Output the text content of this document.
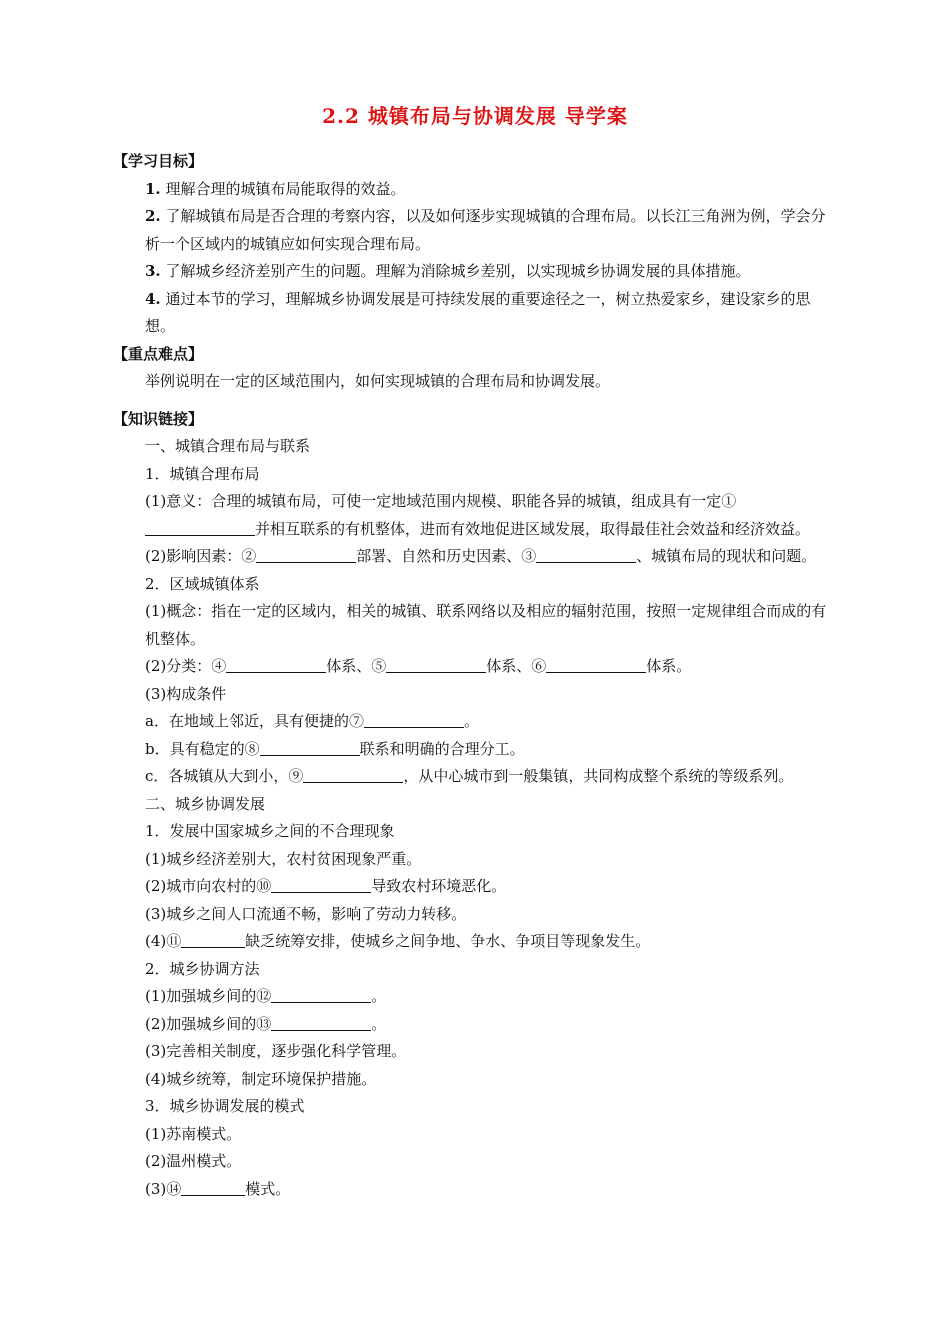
2.2 城镇布局与协调发展 导学案
【学习目标】
1. 理解合理的城镇布局能取得的效益。
2. 了解城镇布局是否合理的考察内容，以及如何逐步实现城镇的合理布局。以长江三角洲为例，学会分析一个区域内的城镇应如何实现合理布局。
3. 了解城乡经济差别产生的问题。理解为消除城乡差别，以实现城乡协调发展的具体措施。
4. 通过本节的学习，理解城乡协调发展是可持续发展的重要途径之一，树立热爱家乡，建设家乡的思想。
【重点难点】
举例说明在一定的区域范围内，如何实现城镇的合理布局和协调发展。
【知识链接】
一、城镇合理布局与联系
1．城镇合理布局
(1)意义：合理的城镇布局，可使一定地域范围内规模、职能各异的城镇，组成具有一定①并相互联系的有机整体，进而有效地促进区域发展，取得最佳社会效益和经济效益。
(2)影响因素：②	部署、自然和历史因素、③	、城镇布局的现状和问题。
2．区域城镇体系
(1)概念：指在一定的区域内，相关的城镇、联系网络以及相应的辐射范围，按照一定规律组合而成的有机整体。
(2)分类：④	体系、⑤	体系、⑥	体系。
(3)构成条件
a．在地域上邻近，具有便捷的⑦	。
b．具有稳定的⑧	联系和明确的合理分工。
c．各城镇从大到小，⑨	，从中心城市到一般集镇，共同构成整个系统的等级系列。
二、城乡协调发展
1．发展中国家城乡之间的不合理现象
(1)城乡经济差别大，农村贫困现象严重。
(2)城市向农村的⑩	导致农村环境恶化。
(3)城乡之间人口流通不畅，影响了劳动力转移。
(4)⑪	缺乏统筹安排，使城乡之间争地、争水、争项目等现象发生。
2．城乡协调方法
(1)加强城乡间的⑫	。
(2)加强城乡间的⑬	。
(3)完善相关制度，逐步强化科学管理。
(4)城乡统筹，制定环境保护措施。
3．城乡协调发展的模式
(1)苏南模式。
(2)温州模式。
(3)⑭	模式。
